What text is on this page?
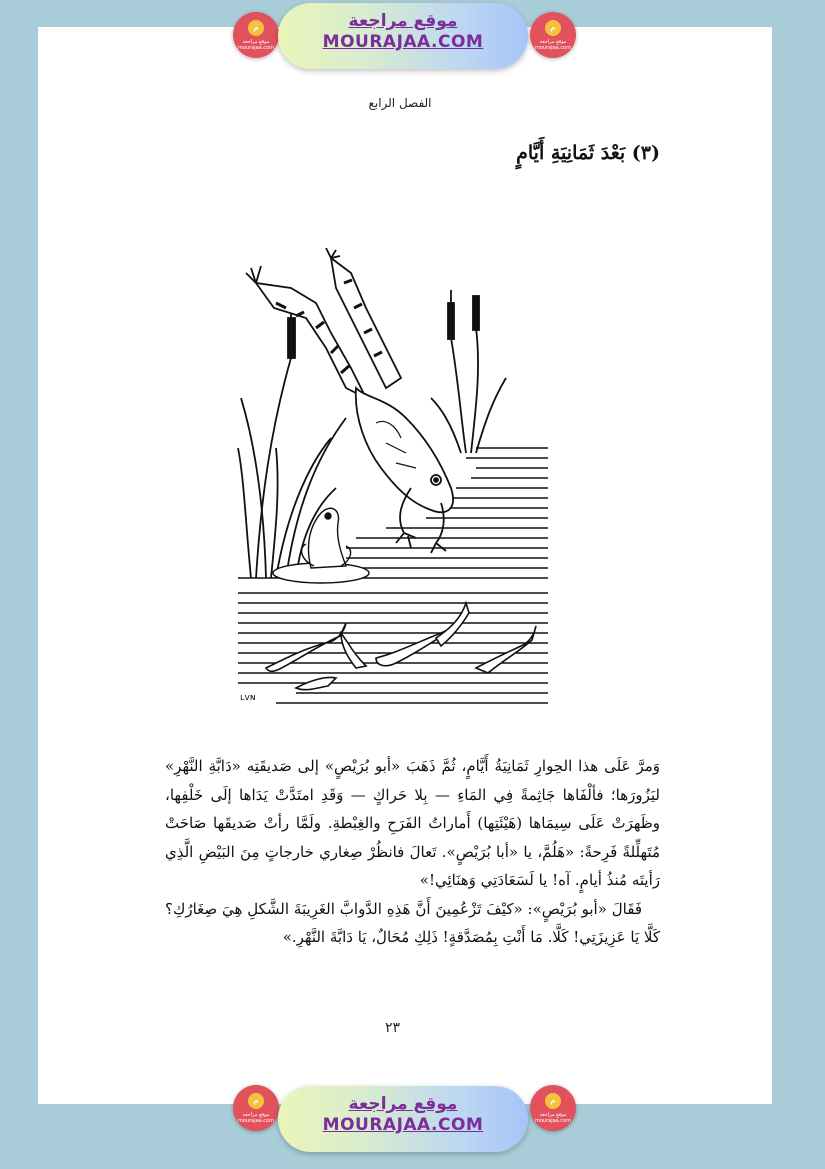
ﻡ
موقع مراجعة mourajaa.com
موقع مراجعة
MOURAJAA.COM
ﻡ
موقع مراجعة mourajaa.com
الفصل الرابع
(٣) بَعْدَ ثَمَانِيَةِ أَيَّامٍ
ʟᴠɴ

وَمرَّ عَلَى هذا الحِوارِ ثَمَانِيَةُ أَيَّامٍ، ثُمَّ ذَهَبَ «أبو بُرَيْصٍ» إلى صَديقَتِه «دَابَّةِ النَّهْرِ» ليَزُورَها؛ فألْفَاها جَاثِمةً فِي المَاءِ — بِلا حَراكٍ — وَقَدِ امتَدَّتْ يَدَاها إلَى خَلْفِها، وظَهرَتْ عَلَى سِيمَاها (هَيْئَتِها) أَماراتُ الفَرَحِ والغِبْطةِ. ولَمَّا رأتْ صَديقَها صَاحَتْ مُتَهلِّلةً فَرِحةً: «هَلُمَّ، يا «أبا بُرَيْصٍ». تَعالَ فانظُرْ صِغاري خارجاتٍ مِنَ البَيْضِ الَّذِي رَأيتَه مُنذُ أيامٍ. آه! يا لَسَعَادَتِي وَهنَائِي!»

فَقَالَ «أبو بُرَيْصٍ»: «كيْفَ تَزْعُمِينَ أَنَّ هَذِهِ الدَّوابَّ الغَرِيبَةَ الشَّكلِ هِيَ صِغَارُكِ؟ كَلَّا يَا عَزِيزَتِي! كَلَّا. مَا أَنْتِ بِمُصَدَّقةٍ! ذَلِكِ مُحَالٌ، يَا دَابَّةَ النَّهْرِ.»

٢٣
ﻡ
موقع مراجعة mourajaa.com
موقع مراجعة
MOURAJAA.COM
ﻡ
موقع مراجعة mourajaa.com
